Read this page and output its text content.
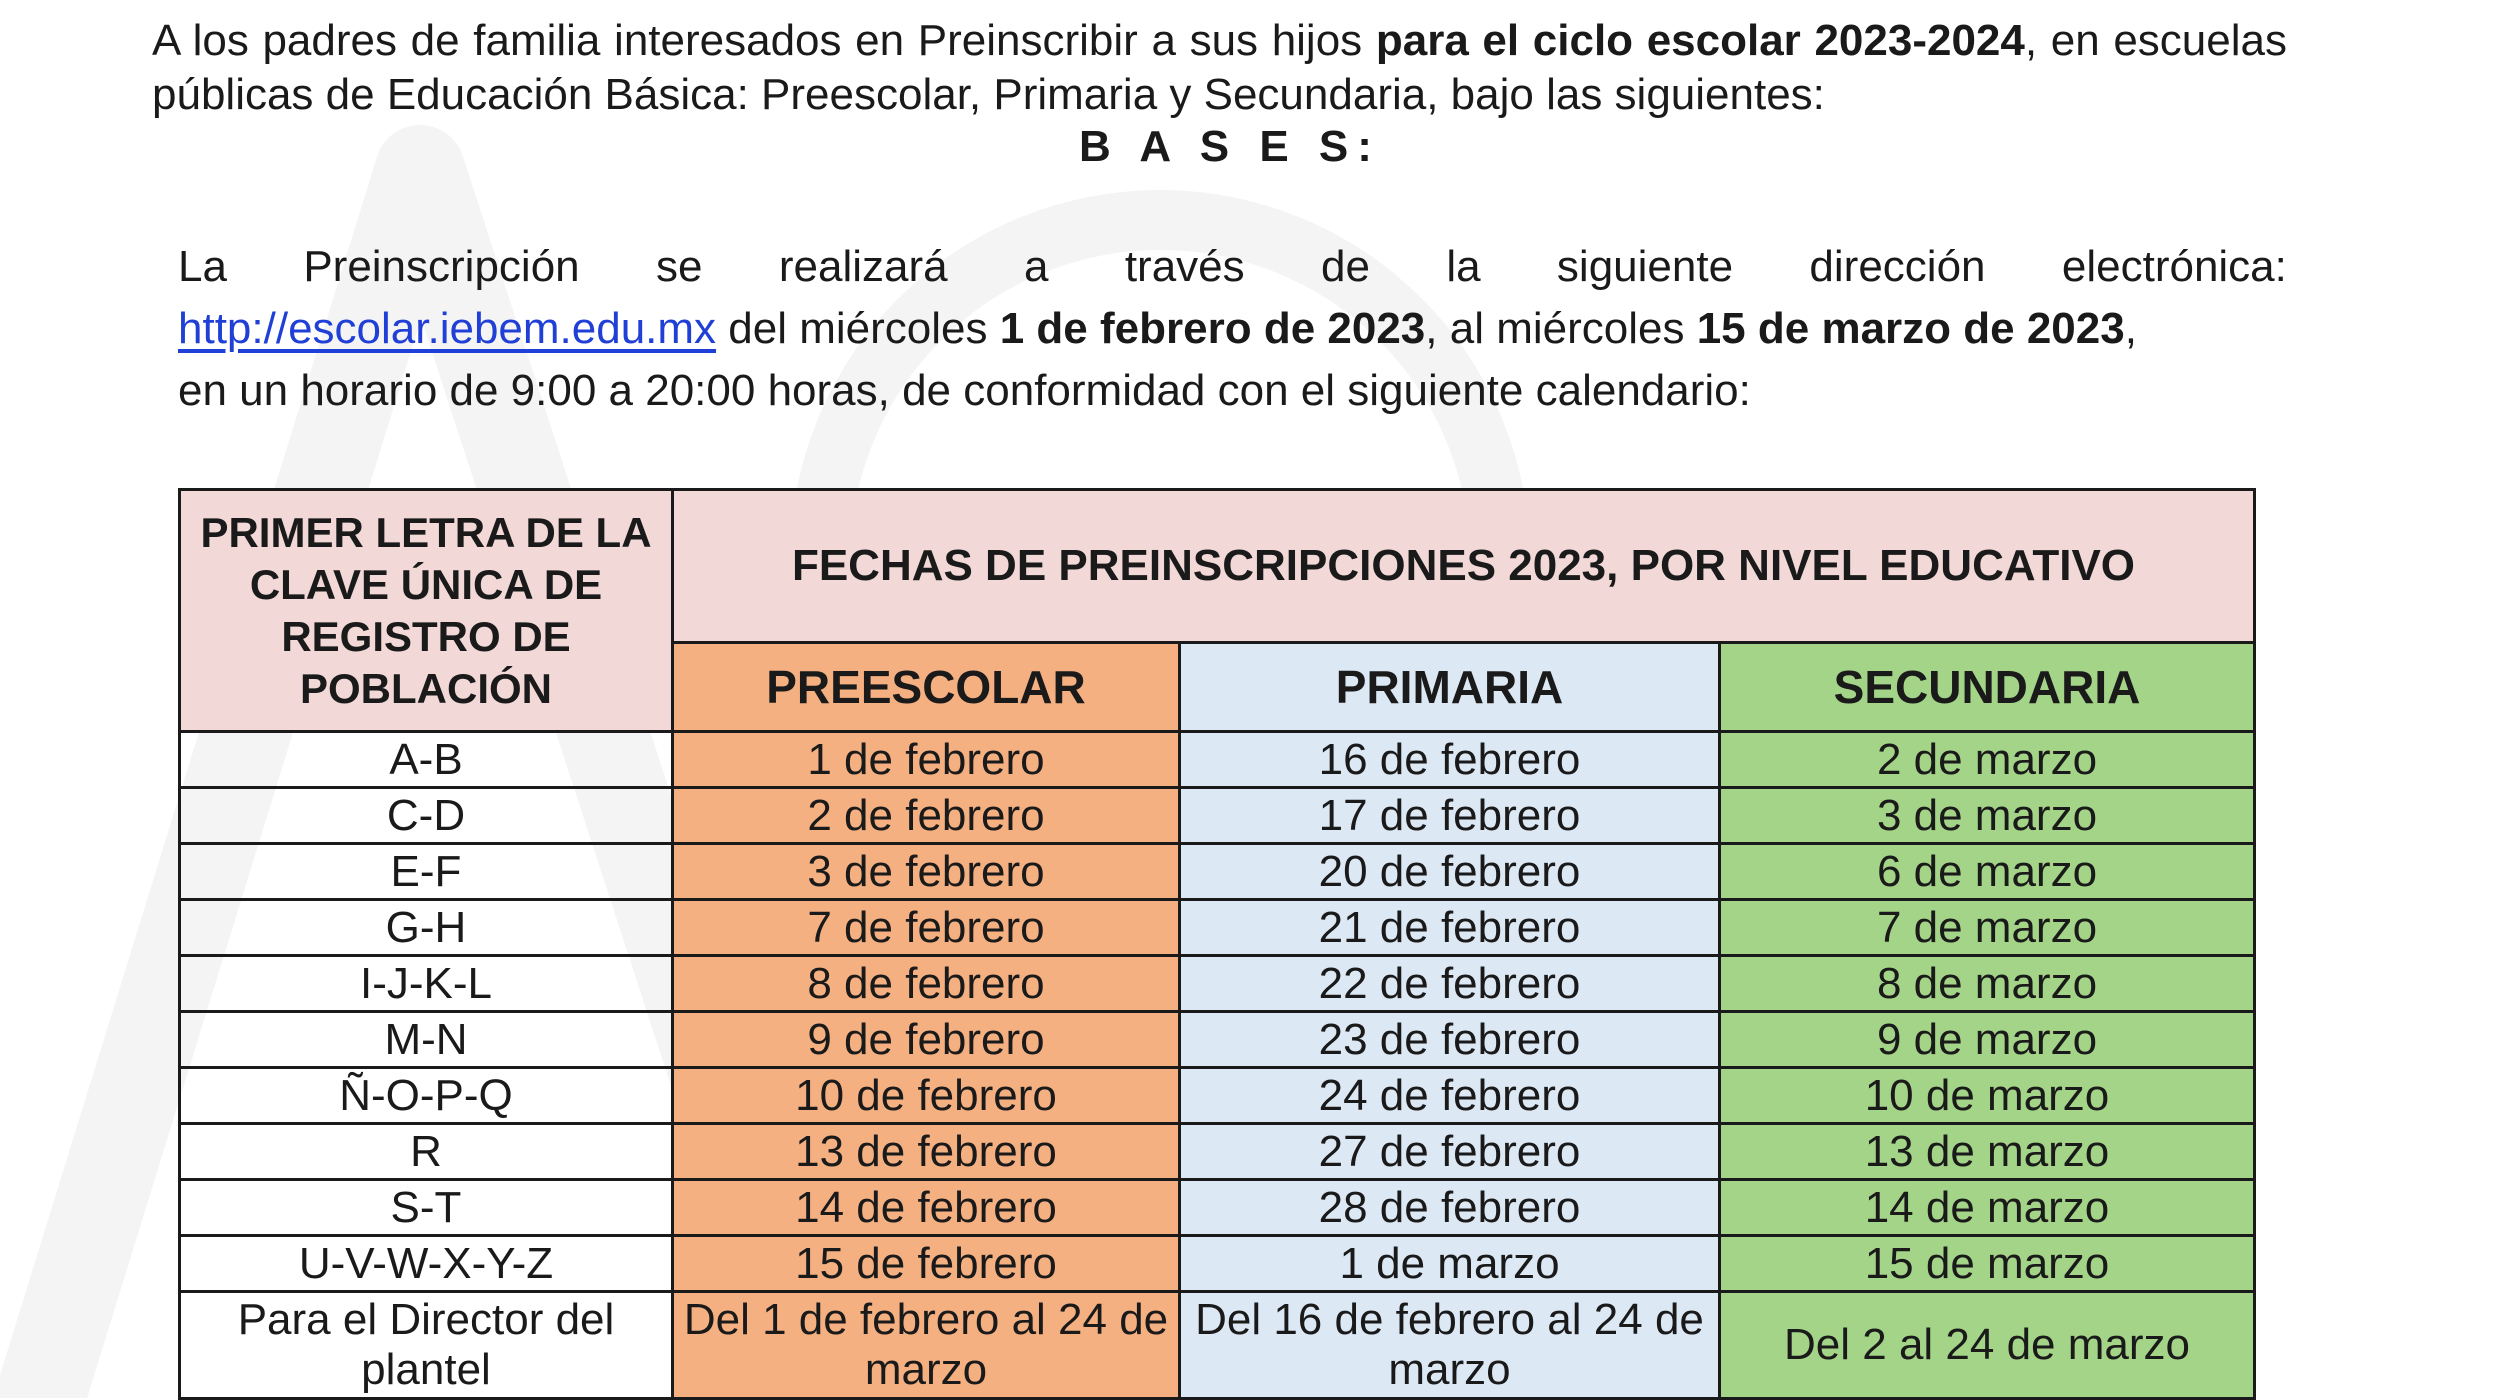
A los padres de familia interesados en Preinscribir a sus hijos para el ciclo escolar 2023-2024, en escuelas públicas de Educación Básica: Preescolar, Primaria y Secundaria, bajo las siguientes:
B A S E S:
La Preinscripción se realizará a través de la siguiente dirección electrónica:
http://escolar.iebem.edu.mx del miércoles 1 de febrero de 2023, al miércoles 15 de marzo de 2023,
en un horario de 9:00 a 20:00 horas, de conformidad con el siguiente calendario:
PRIMER LETRA DE LA CLAVE ÚNICA DE REGISTRO DE POBLACIÓN	FECHAS DE PREINSCRIPCIONES 2023, POR NIVEL EDUCATIVO		
	PREESCOLAR	PRIMARIA	SECUNDARIA
A-B	1 de febrero	16 de febrero	2 de marzo
C-D	2 de febrero	17 de febrero	3 de marzo
E-F	3 de febrero	20 de febrero	6 de marzo
G-H	7 de febrero	21 de febrero	7 de marzo
I-J-K-L	8 de febrero	22 de febrero	8 de marzo
M-N	9 de febrero	23 de febrero	9 de marzo
Ñ-O-P-Q	10 de febrero	24 de febrero	10 de marzo
R	13 de febrero	27 de febrero	13 de marzo
S-T	14 de febrero	28 de febrero	14 de marzo
U-V-W-X-Y-Z	15 de febrero	1 de marzo	15 de marzo
Para el Director del plantel	Del 1 de febrero al 24 de marzo	Del 16 de febrero al 24 de marzo	Del 2 al 24 de marzo
